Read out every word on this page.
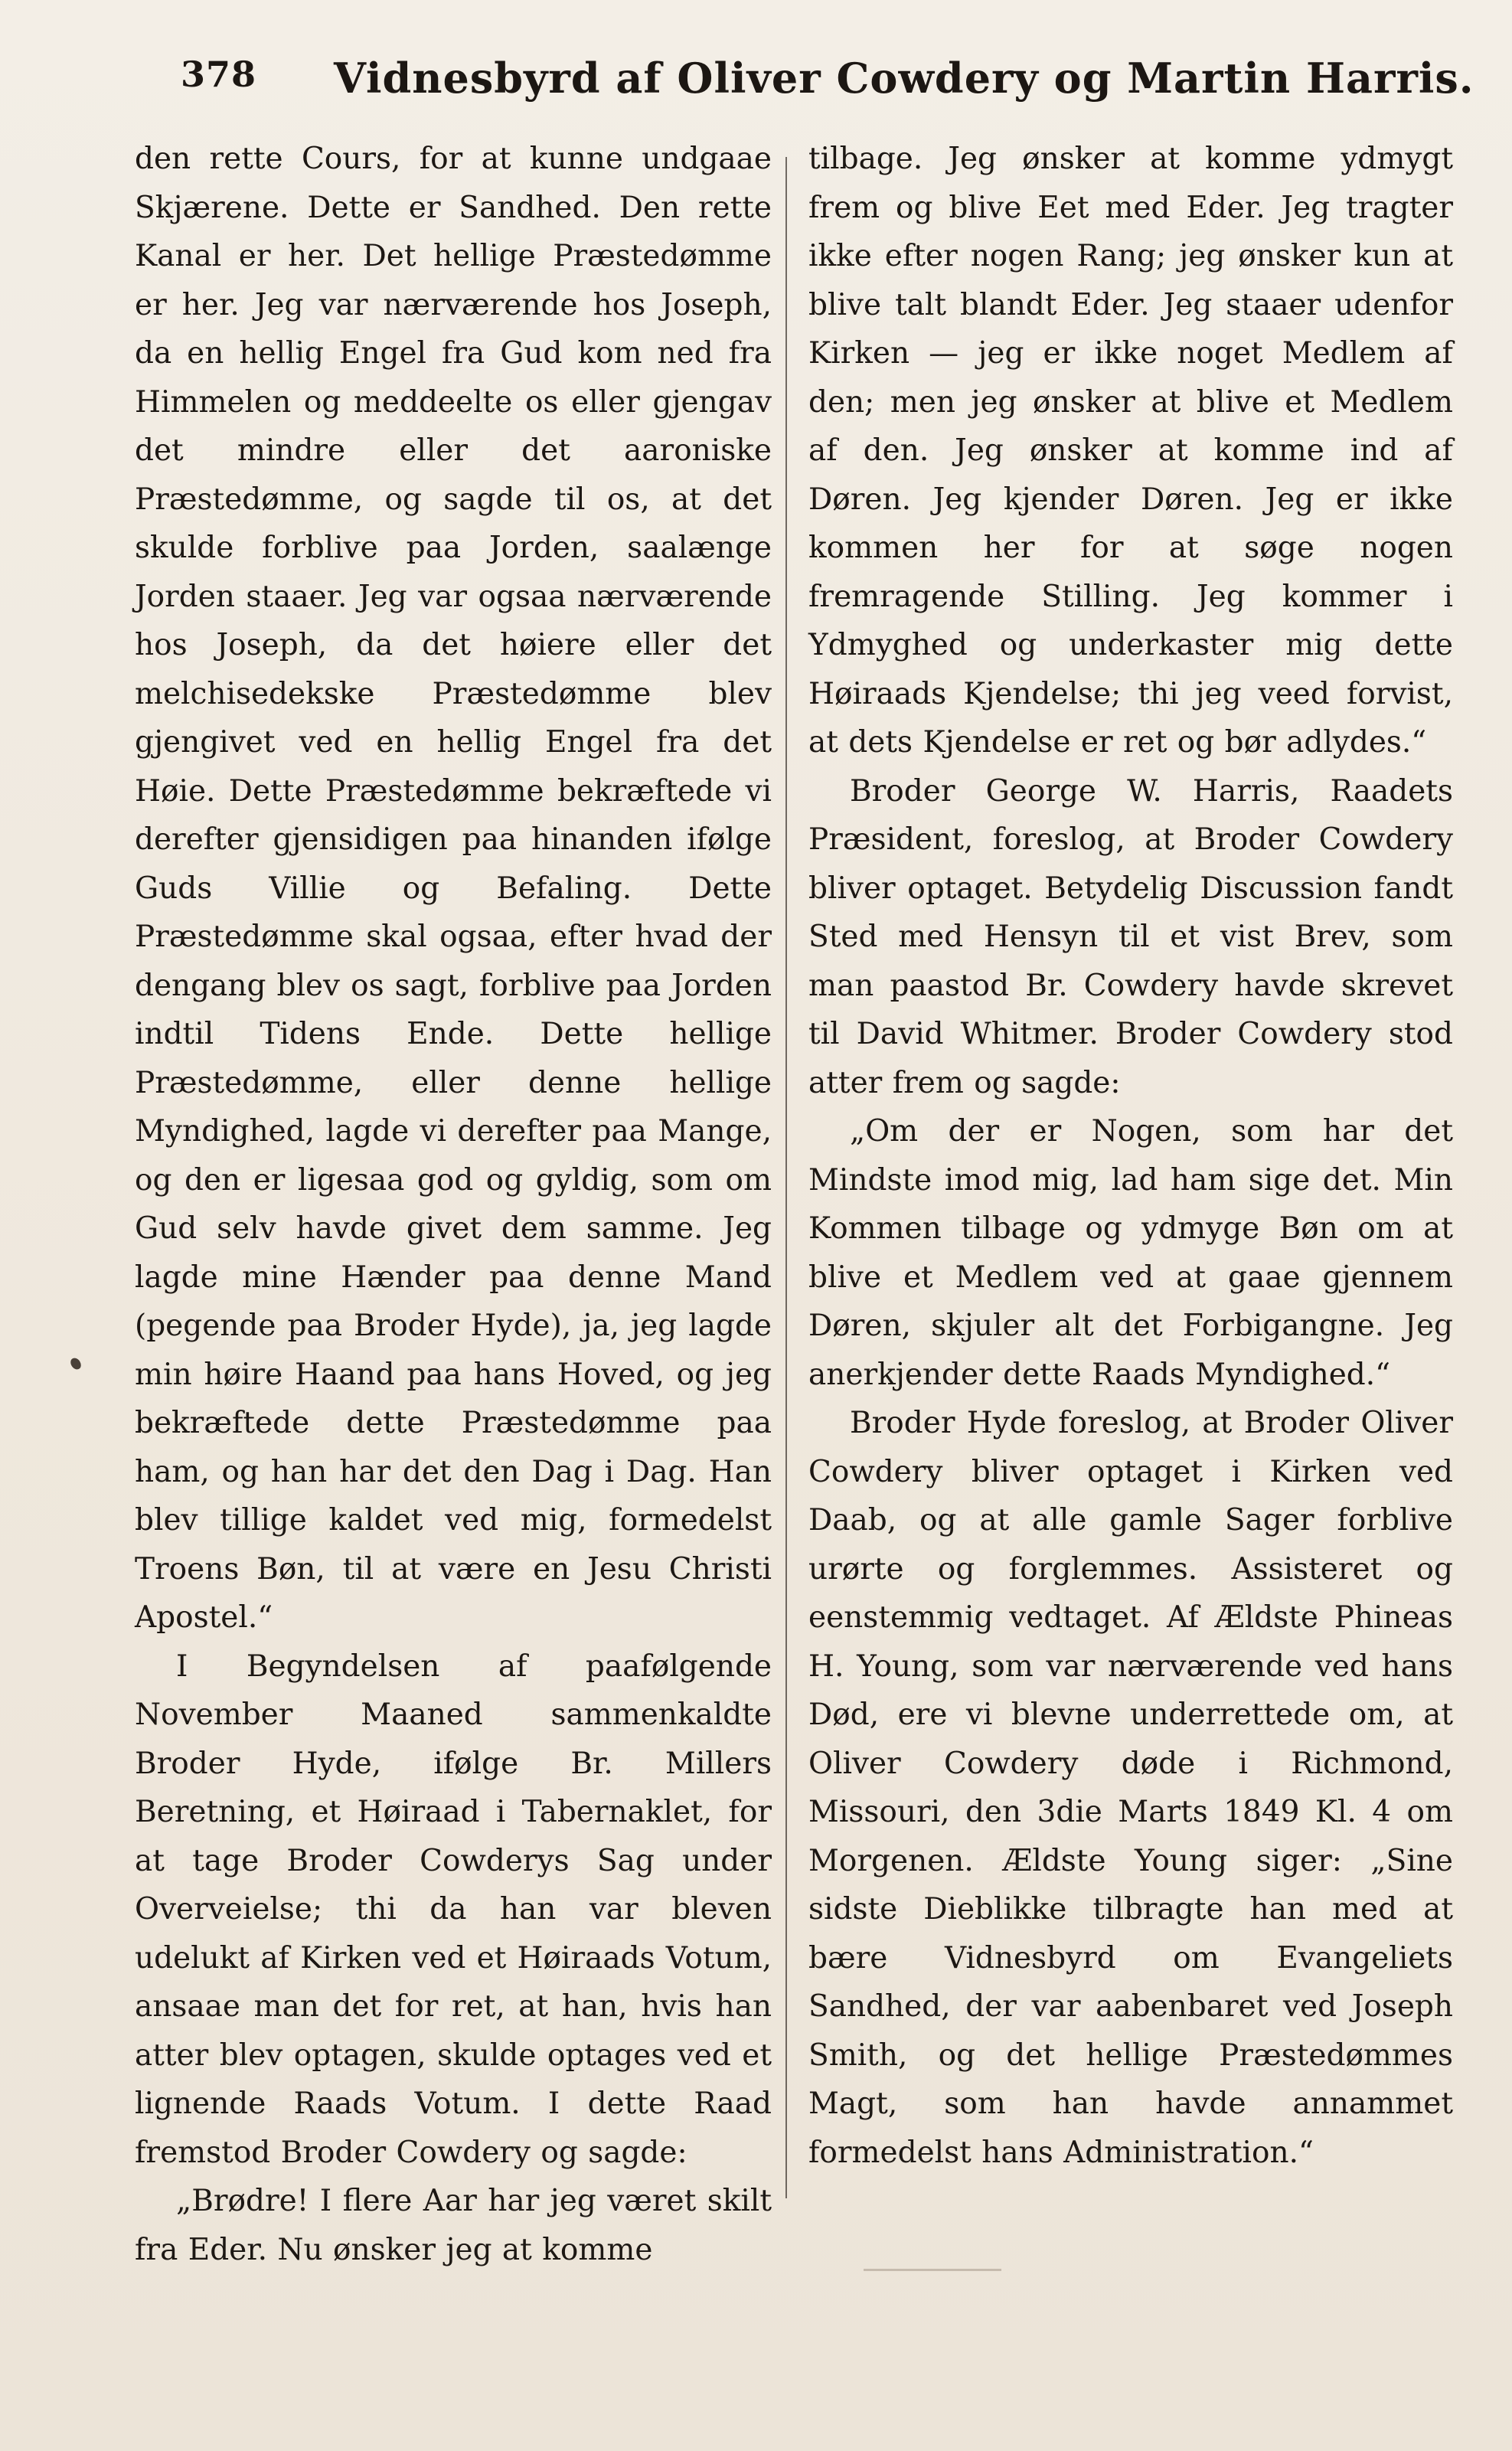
378 Vidnesbyrd af Oliver Cowdery og Martin Harris.

den rette Cours, for at kunne undgaae Skjærene. Dette er Sandhed. Den rette Kanal er her. Det hellige Præstedømme er her. Jeg var nærværende hos Joseph, da en hellig Engel fra Gud kom ned fra Himmelen og meddeelte os eller gjengav det mindre eller det aaroniske Præstedømme, og sagde til os, at det skulde forblive paa Jorden, saalænge Jorden staaer. Jeg var ogsaa nærværende hos Joseph, da det høiere eller det melchisedekske Præstedømme blev gjengivet ved en hellig Engel fra det Høie. Dette Præstedømme bekræftede vi derefter gjensidigen paa hinanden ifølge Guds Villie og Befaling. Dette Præstedømme skal ogsaa, efter hvad der dengang blev os sagt, forblive paa Jorden indtil Tidens Ende. Dette hellige Præstedømme, eller denne hellige Myndighed, lagde vi derefter paa Mange, og den er ligesaa god og gyldig, som om Gud selv havde givet dem samme. Jeg lagde mine Hænder paa denne Mand (pegende paa Broder Hyde), ja, jeg lagde min høire Haand paa hans Hoved, og jeg bekræftede dette Præstedømme paa ham, og han har det den Dag i Dag. Han blev tillige kaldet ved mig, formedelst Troens Bøn, til at være en Jesu Christi Apostel.“

I Begyndelsen af paafølgende November Maaned sammenkaldte Broder Hyde, ifølge Br. Millers Beretning, et Høiraad i Tabernaklet, for at tage Broder Cowderys Sag under Overveielse; thi da han var bleven udelukt af Kirken ved et Høiraads Votum, ansaae man det for ret, at han, hvis han atter blev optagen, skulde optages ved et lignende Raads Votum. I dette Raad fremstod Broder Cowdery og sagde:

„Brødre! I flere Aar har jeg været skilt fra Eder. Nu ønsker jeg at komme

tilbage. Jeg ønsker at komme ydmygt frem og blive Eet med Eder. Jeg tragter ikke efter nogen Rang; jeg ønsker kun at blive talt blandt Eder. Jeg staaer udenfor Kirken — jeg er ikke noget Medlem af den; men jeg ønsker at blive et Medlem af den. Jeg ønsker at komme ind af Døren. Jeg kjender Døren. Jeg er ikke kommen her for at søge nogen fremragende Stilling. Jeg kommer i Ydmyghed og underkaster mig dette Høiraads Kjendelse; thi jeg veed forvist, at dets Kjendelse er ret og bør adlydes.“

Broder George W. Harris, Raadets Præsident, foreslog, at Broder Cowdery bliver optaget. Betydelig Discussion fandt Sted med Hensyn til et vist Brev, som man paastod Br. Cowdery havde skrevet til David Whitmer. Broder Cowdery stod atter frem og sagde:

„Om der er Nogen, som har det Mindste imod mig, lad ham sige det. Min Kommen tilbage og ydmyge Bøn om at blive et Medlem ved at gaae gjennem Døren, skjuler alt det Forbigangne. Jeg anerkjender dette Raads Myndighed.“

Broder Hyde foreslog, at Broder Oliver Cowdery bliver optaget i Kirken ved Daab, og at alle gamle Sager forblive urørte og forglemmes. Assisteret og eenstemmig vedtaget. Af Ældste Phineas H. Young, som var nærværende ved hans Død, ere vi blevne underrettede om, at Oliver Cowdery døde i Richmond, Missouri, den 3die Marts 1849 Kl. 4 om Morgenen. Ældste Young siger: „Sine sidste Dieblikke tilbragte han med at bære Vidnesbyrd om Evangeliets Sandhed, der var aabenbaret ved Joseph Smith, og det hellige Præstedømmes Magt, som han havde annammet formedelst hans Administration.“
